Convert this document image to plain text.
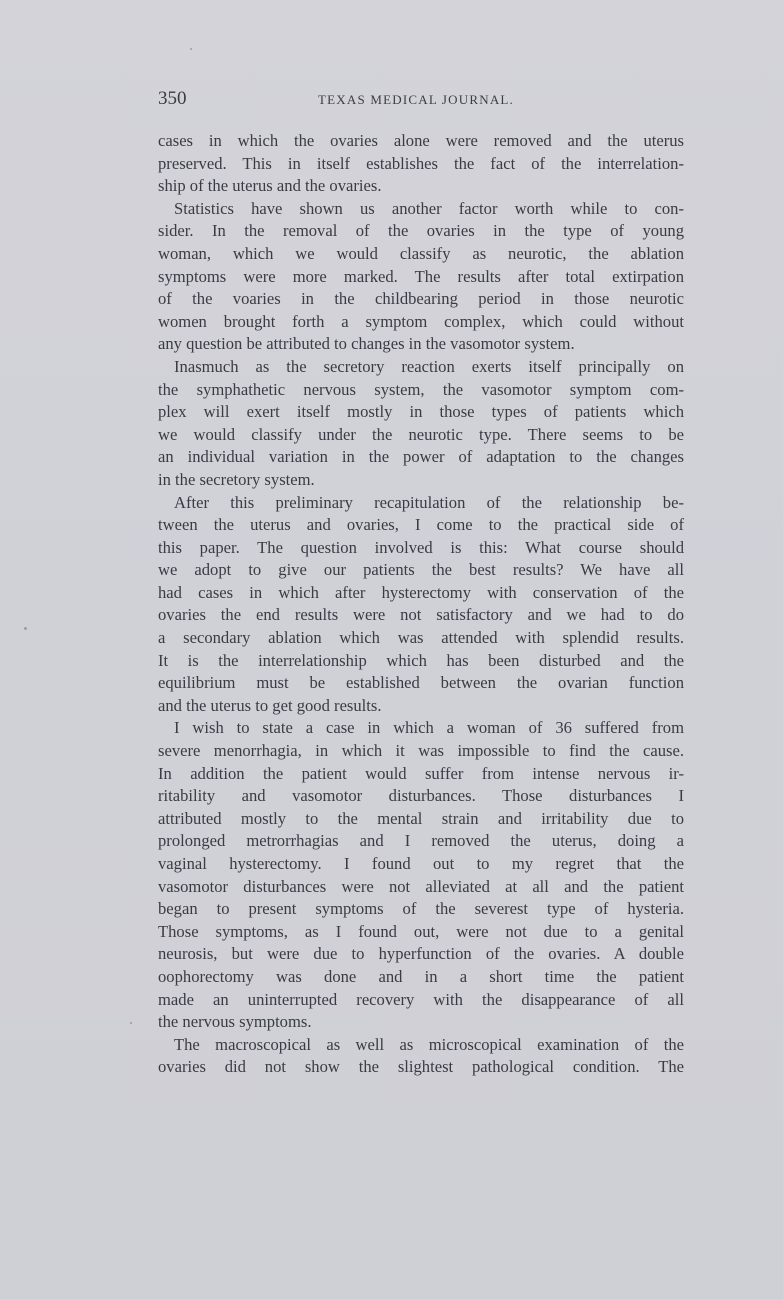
350	TEXAS MEDICAL JOURNAL.
cases in which the ovaries alone were removed and the uterus
preserved. This in itself establishes the fact of the interrelation-
ship of the uterus and the ovaries.
Statistics have shown us another factor worth while to con-
sider. In the removal of the ovaries in the type of young
woman, which we would classify as neurotic, the ablation
symptoms were more marked. The results after total extirpation
of the voaries in the childbearing period in those neurotic
women brought forth a symptom complex, which could without
any question be attributed to changes in the vasomotor system.
Inasmuch as the secretory reaction exerts itself principally on
the symphathetic nervous system, the vasomotor symptom com-
plex will exert itself mostly in those types of patients which
we would classify under the neurotic type. There seems to be
an individual variation in the power of adaptation to the changes
in the secretory system.
After this preliminary recapitulation of the relationship be-
tween the uterus and ovaries, I come to the practical side of
this paper. The question involved is this: What course should
we adopt to give our patients the best results? We have all
had cases in which after hysterectomy with conservation of the
ovaries the end results were not satisfactory and we had to do
a secondary ablation which was attended with splendid results.
It is the interrelationship which has been disturbed and the
equilibrium must be established between the ovarian function
and the uterus to get good results.
I wish to state a case in which a woman of 36 suffered from
severe menorrhagia, in which it was impossible to find the cause.
In addition the patient would suffer from intense nervous ir-
ritability and vasomotor disturbances. Those disturbances I
attributed mostly to the mental strain and irritability due to
prolonged metrorrhagias and I removed the uterus, doing a
vaginal hysterectomy. I found out to my regret that the
vasomotor disturbances were not alleviated at all and the patient
began to present symptoms of the severest type of hysteria.
Those symptoms, as I found out, were not due to a genital
neurosis, but were due to hyperfunction of the ovaries. A double
oophorectomy was done and in a short time the patient
made an uninterrupted recovery with the disappearance of all
the nervous symptoms.
The macroscopical as well as microscopical examination of the
ovaries did not show the slightest pathological condition. The
